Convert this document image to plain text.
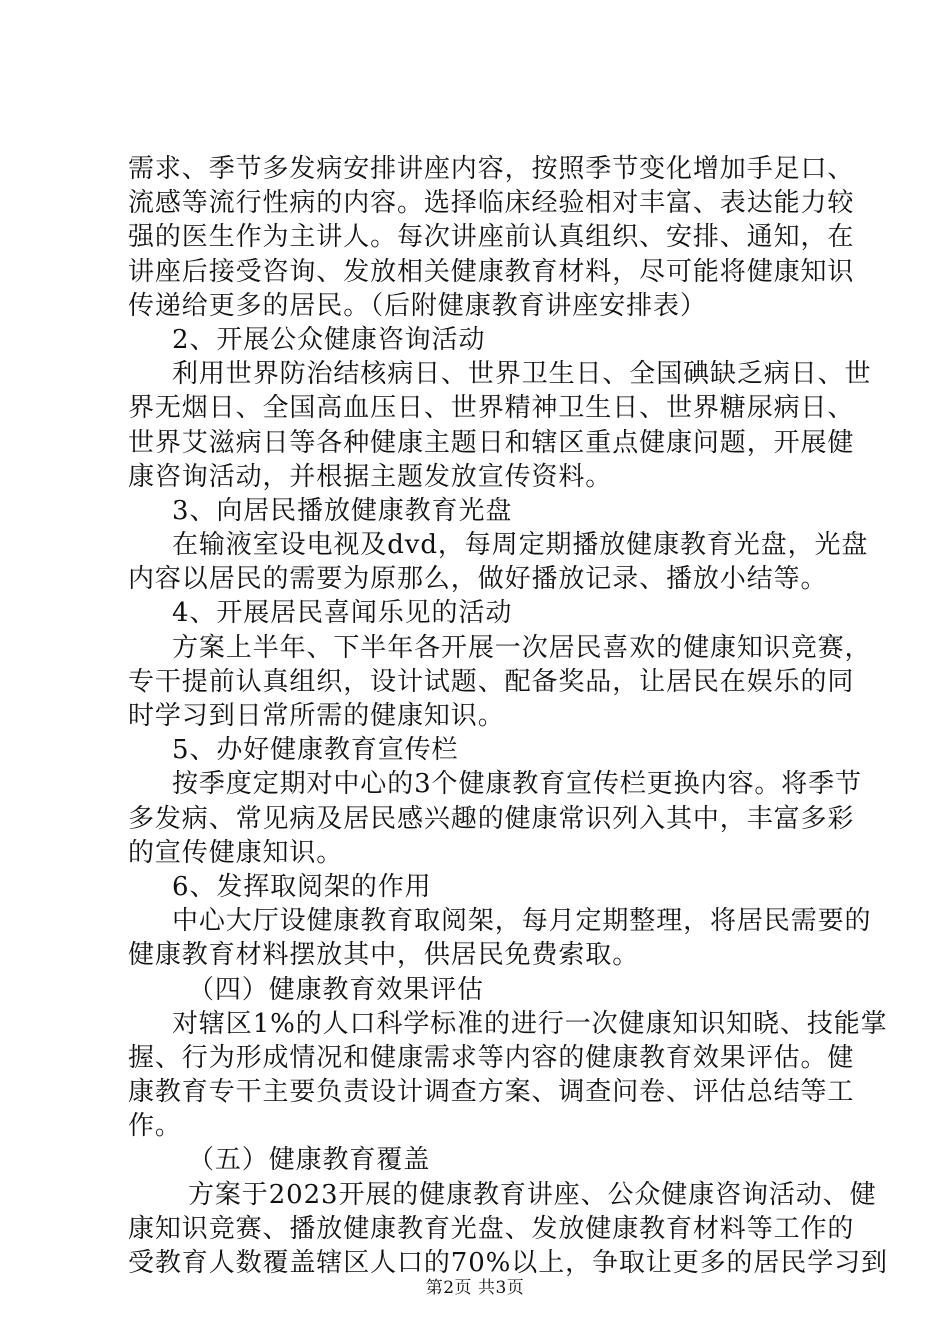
需求、季节多发病安排讲座内容，按照季节变化增加手足口、
流感等流行性病的内容。选择临床经验相对丰富、表达能力较
强的医生作为主讲人。每次讲座前认真组织、安排、通知，在
讲座后接受咨询、发放相关健康教育材料，尽可能将健康知识
传递给更多的居民。（后附健康教育讲座安排表）
2、开展公众健康咨询活动
利用世界防治结核病日、世界卫生日、全国碘缺乏病日、世
界无烟日、全国高血压日、世界精神卫生日、世界糖尿病日、
世界艾滋病日等各种健康主题日和辖区重点健康问题，开展健
康咨询活动，并根据主题发放宣传资料。
3、向居民播放健康教育光盘
在输液室设电视及dvd，每周定期播放健康教育光盘，光盘
内容以居民的需要为原那么，做好播放记录、播放小结等。
4、开展居民喜闻乐见的活动
方案上半年、下半年各开展一次居民喜欢的健康知识竞赛，
专干提前认真组织，设计试题、配备奖品，让居民在娱乐的同
时学习到日常所需的健康知识。
5、办好健康教育宣传栏
按季度定期对中心的3个健康教育宣传栏更换内容。将季节
多发病、常见病及居民感兴趣的健康常识列入其中，丰富多彩
的宣传健康知识。
6、发挥取阅架的作用
中心大厅设健康教育取阅架，每月定期整理，将居民需要的
健康教育材料摆放其中，供居民免费索取。
（四）健康教育效果评估
对辖区1%的人口科学标准的进行一次健康知识知晓、技能掌
握、行为形成情况和健康需求等内容的健康教育效果评估。健
康教育专干主要负责设计调查方案、调查问卷、评估总结等工
作。
（五）健康教育覆盖
方案于2023开展的健康教育讲座、公众健康咨询活动、健
康知识竞赛、播放健康教育光盘、发放健康教育材料等工作的
受教育人数覆盖辖区人口的70%以上，争取让更多的居民学习到
第2页 共3页
